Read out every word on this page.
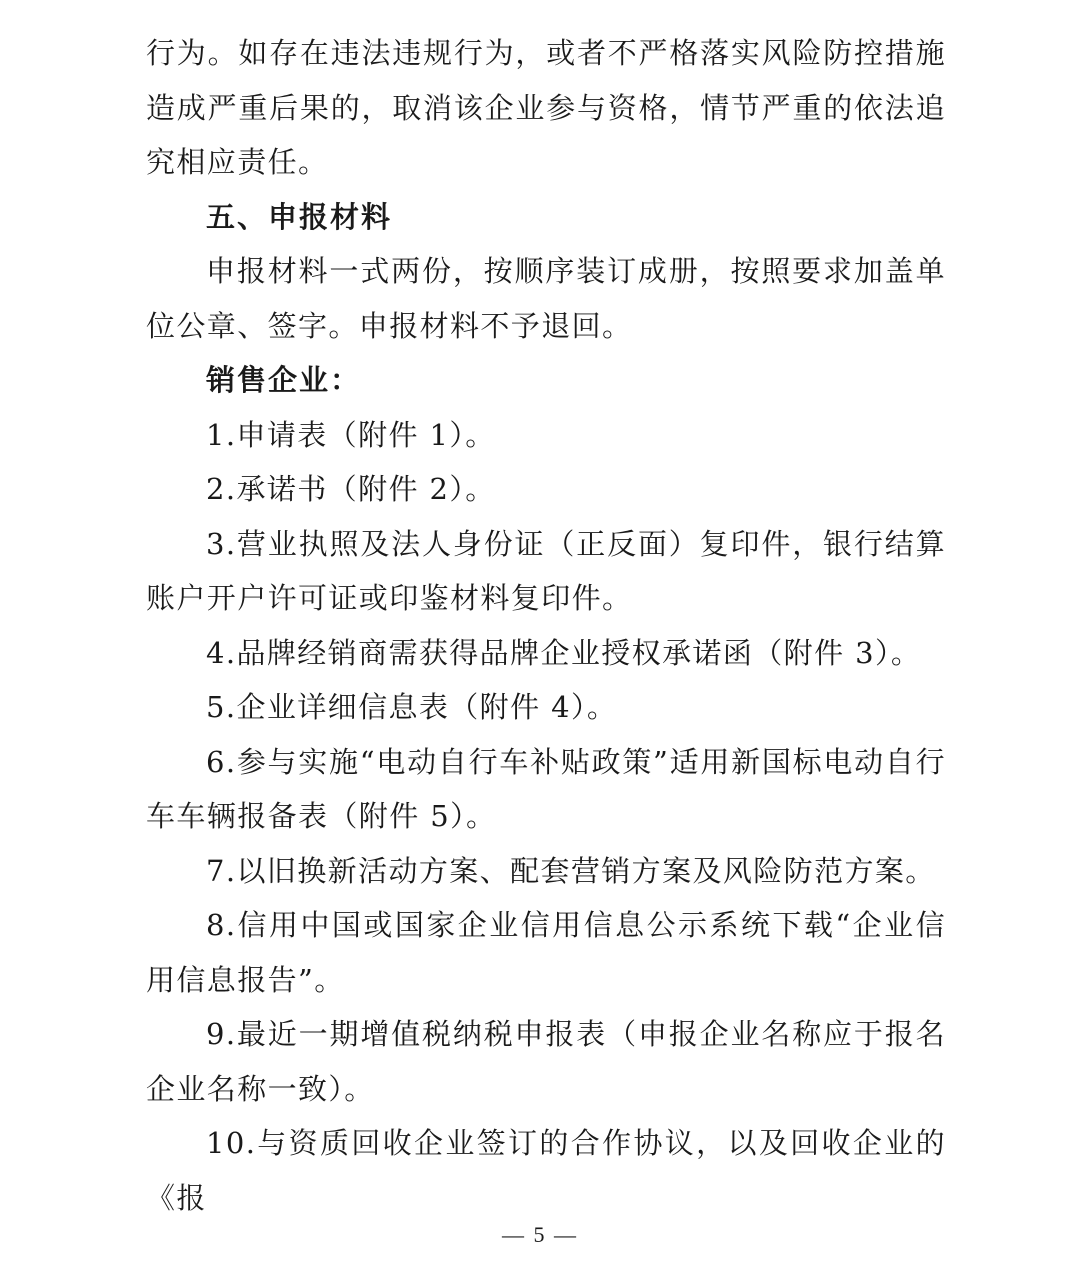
行为。如存在违法违规行为，或者不严格落实风险防控措施造成严重后果的，取消该企业参与资格，情节严重的依法追究相应责任。

五、申报材料

申报材料一式两份，按顺序装订成册，按照要求加盖单位公章、签字。申报材料不予退回。

销售企业：

1.申请表（附件 1）。

2.承诺书（附件 2）。

3.营业执照及法人身份证（正反面）复印件，银行结算账户开户许可证或印鉴材料复印件。

4.品牌经销商需获得品牌企业授权承诺函（附件 3）。

5.企业详细信息表（附件 4）。

6.参与实施“电动自行车补贴政策”适用新国标电动自行车车辆报备表（附件 5）。

7.以旧换新活动方案、配套营销方案及风险防范方案。

8.信用中国或国家企业信用信息公示系统下载“企业信用信息报告”。

9.最近一期增值税纳税申报表（申报企业名称应于报名企业名称一致）。

10.与资质回收企业签订的合作协议，以及回收企业的《报

— 5 —
